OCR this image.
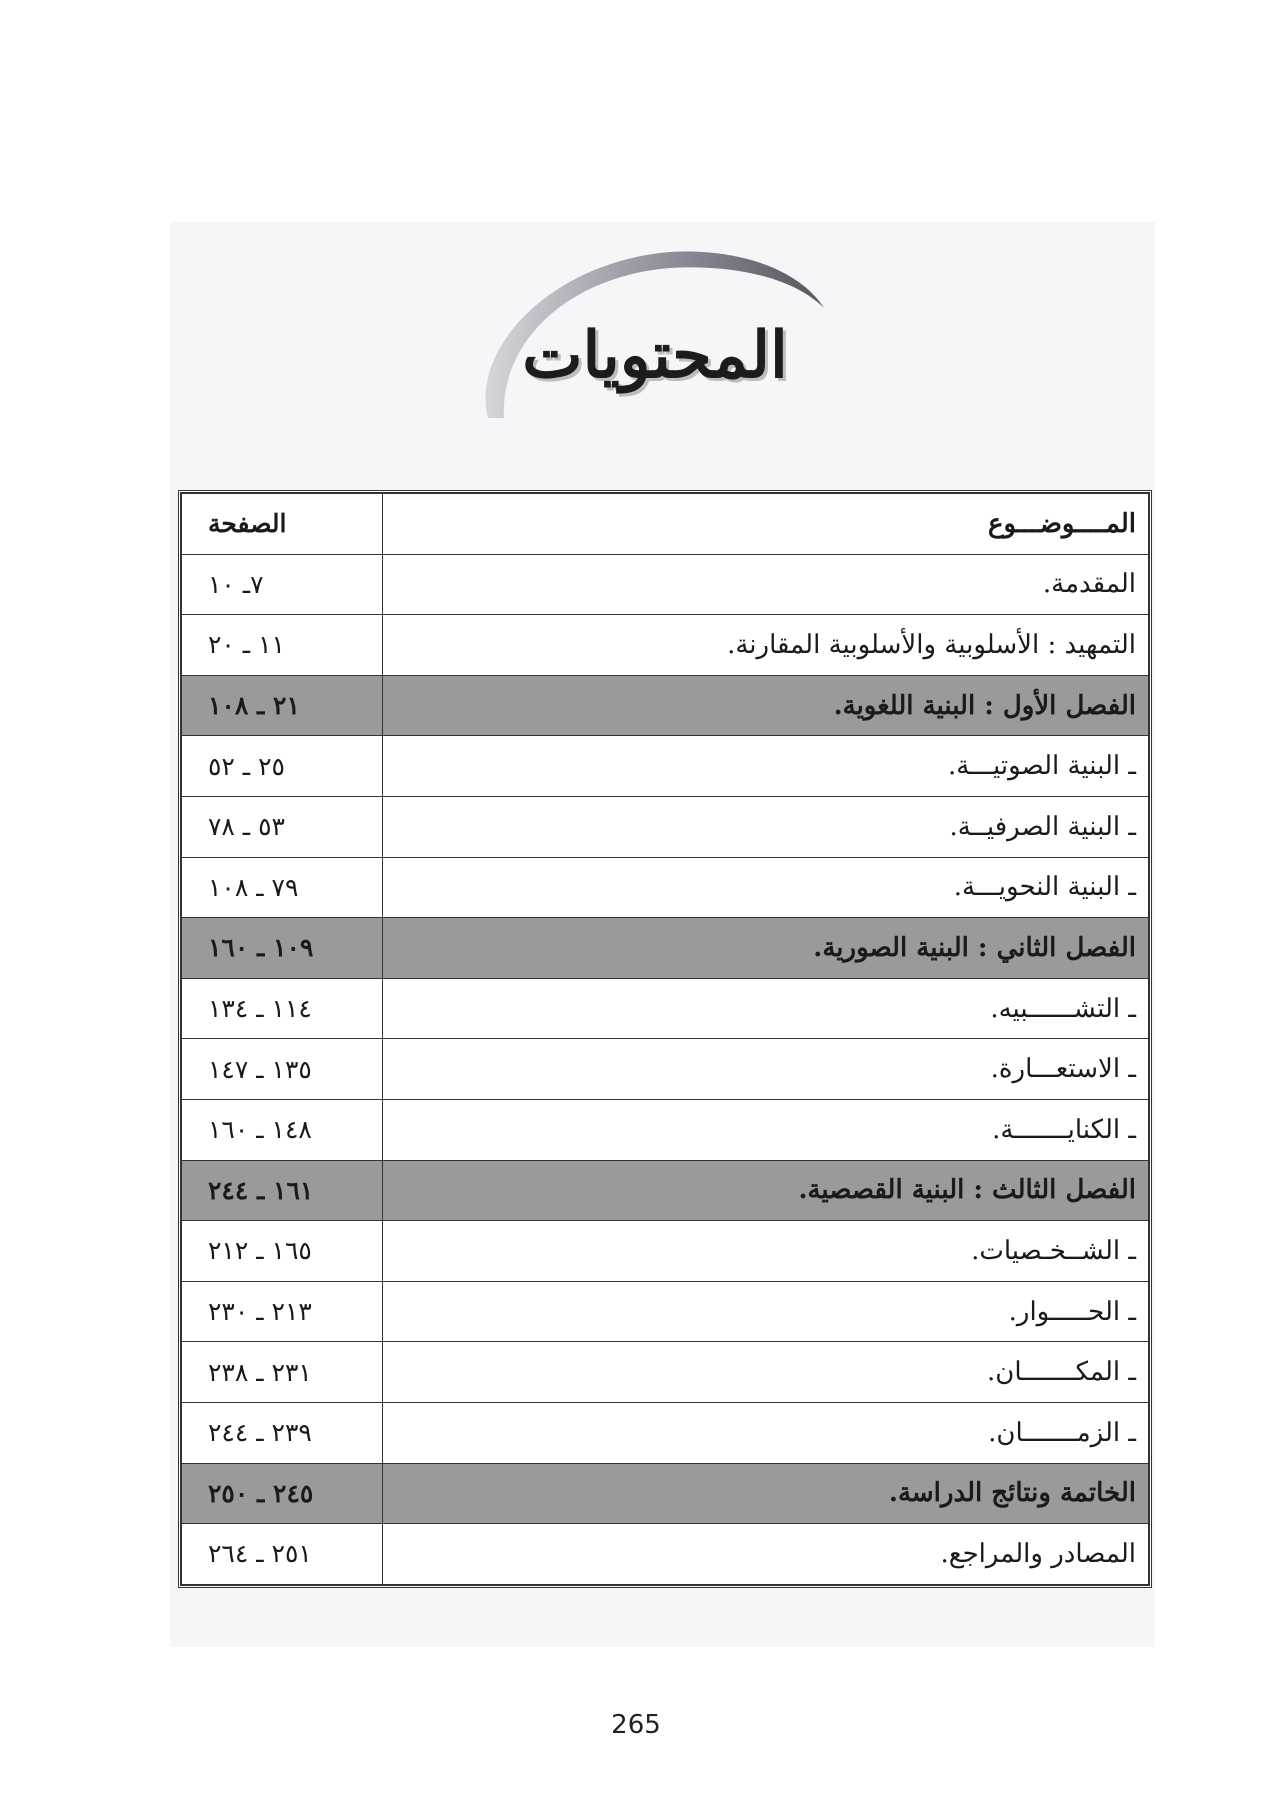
المحتويات
المــــوضـــوع	الصفحة
المقدمة.	٧ـ ١٠
التمهيد : الأسلوبية والأسلوبية المقارنة.	١١ ـ ٢٠
الفصل الأول : البنية اللغوية.	٢١ ـ ١٠٨
ـ البنية الصوتيـــة.	٢٥ ـ ٥٢
ـ البنية الصرفيــة.	٥٣ ـ ٧٨
ـ البنية النحويـــة.	٧٩ ـ ١٠٨
الفصل الثاني : البنية الصورية.	١٠٩ ـ ١٦٠
ـ التشــــــبيه.	١١٤ ـ ١٣٤
ـ الاستعـــارة.	١٣٥ ـ ١٤٧
ـ الكنايـــــــة.	١٤٨ ـ ١٦٠
الفصل الثالث : البنية القصصية.	١٦١ ـ ٢٤٤
ـ الشــخـصيات.	١٦٥ ـ ٢١٢
ـ الحـــــوار.	٢١٣ ـ ٢٣٠
ـ المكـــــــان.	٢٣١ ـ ٢٣٨
ـ الزمـــــــان.	٢٣٩ ـ ٢٤٤
الخاتمة ونتائج الدراسة.	٢٤٥ ـ ٢٥٠
المصادر والمراجع.	٢٥١ ـ ٢٦٤
265
